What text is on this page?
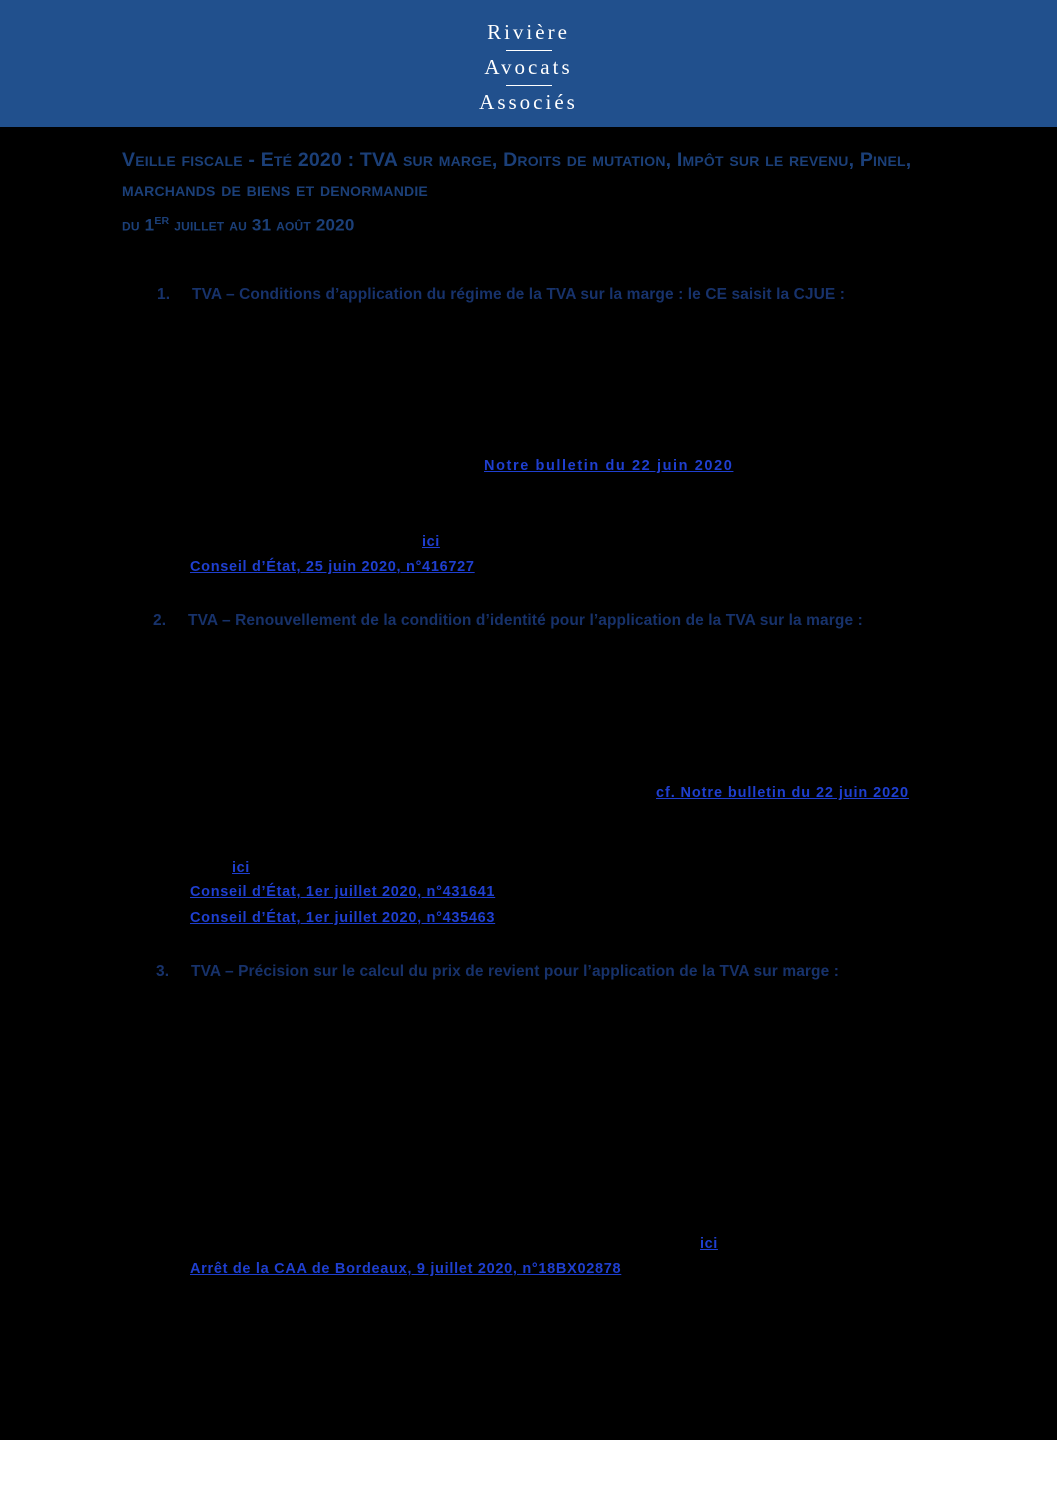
Rivière
Avocats
Associés
Veille fiscale - Eté 2020 : TVA sur marge, Droits de mutation, Impôt sur le revenu, Pinel, marchands de biens et denormandie
du 1ER juillet au 31 août 2020
1.	TVA – Conditions d’application du régime de la TVA sur la marge : le CE saisit la CJUE :
Notre bulletin du 22 juin 2020
ici
Conseil d’État, 25 juin 2020, n°416727
2.	TVA – Renouvellement de la condition d’identité pour l’application de la TVA sur la marge :
cf. Notre bulletin du 22 juin 2020
ici
Conseil d’État, 1er juillet 2020, n°431641
Conseil d’État, 1er juillet 2020, n°435463
3.	TVA – Précision sur le calcul du prix de revient pour l’application de la TVA sur marge :
ici
Arrêt de la CAA de Bordeaux, 9 juillet 2020, n°18BX02878
